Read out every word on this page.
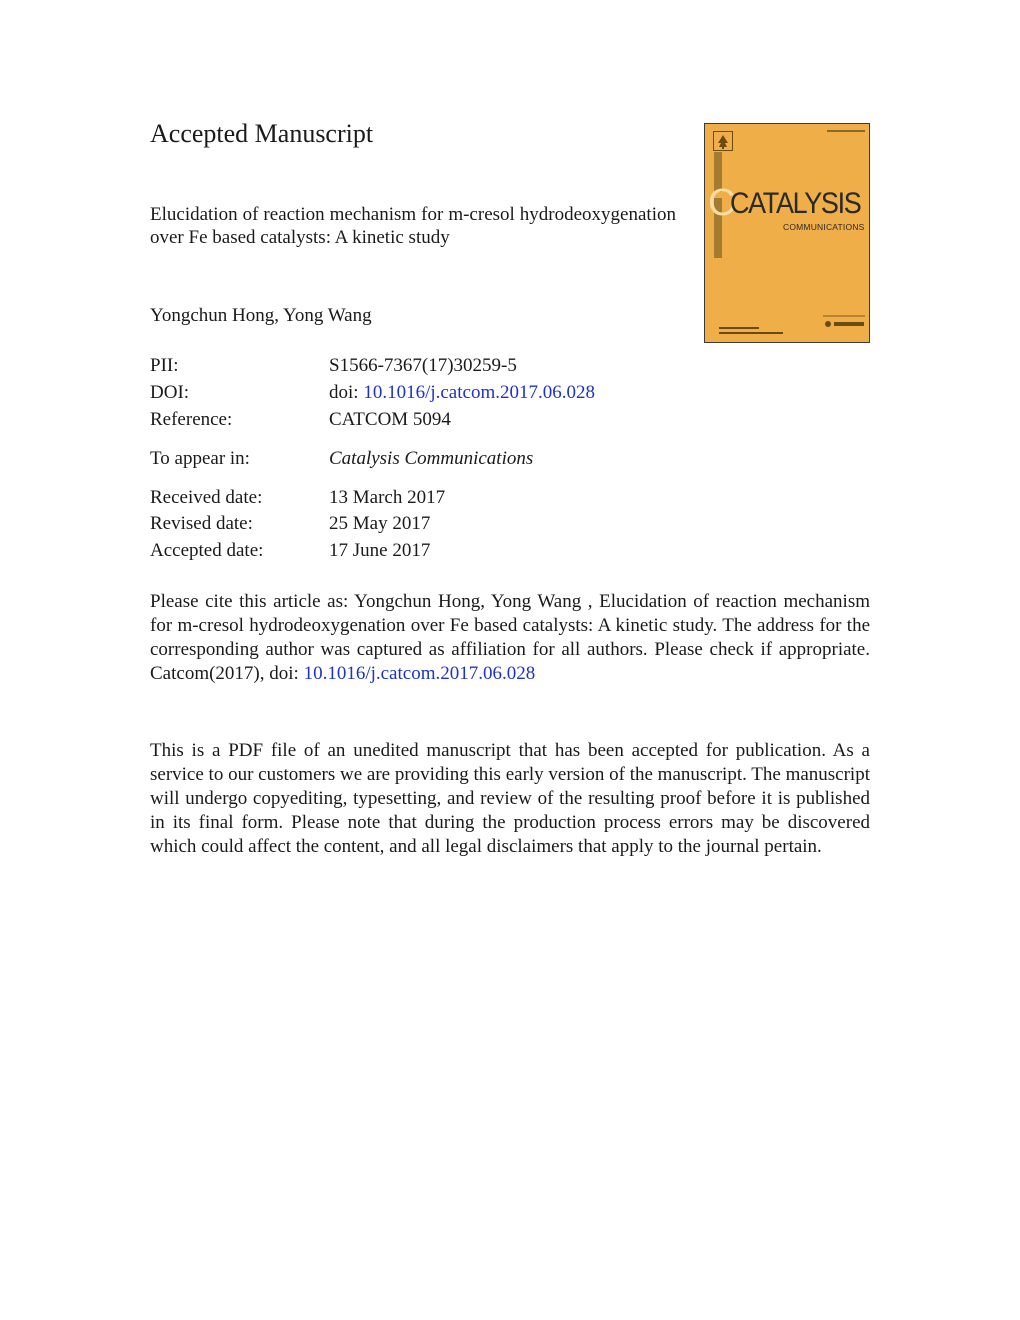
Accepted Manuscript
Elucidation of reaction mechanism for m-cresol hydrodeoxygenation over Fe based catalysts: A kinetic study
Yongchun Hong, Yong Wang
PII:	S1566-7367(17)30259-5
DOI:	doi: 10.1016/j.catcom.2017.06.028
Reference:	CATCOM 5094
To appear in:	Catalysis Communications
Received date:	13 March 2017
Revised date:	25 May 2017
Accepted date:	17 June 2017

Please cite this article as: Yongchun Hong, Yong Wang , Elucidation of reaction mechanism for m-cresol hydrodeoxygenation over Fe based catalysts: A kinetic study. The address for the corresponding author was captured as affiliation for all authors. Please check if appropriate. Catcom(2017), doi: 10.1016/j.catcom.2017.06.028

This is a PDF file of an unedited manuscript that has been accepted for publication. As a service to our customers we are providing this early version of the manuscript. The manuscript will undergo copyediting, typesetting, and review of the resulting proof before it is published in its final form. Please note that during the production process errors may be discovered which could affect the content, and all legal disclaimers that apply to the journal pertain.

C
CATALYSIS
COMMUNICATIONS
